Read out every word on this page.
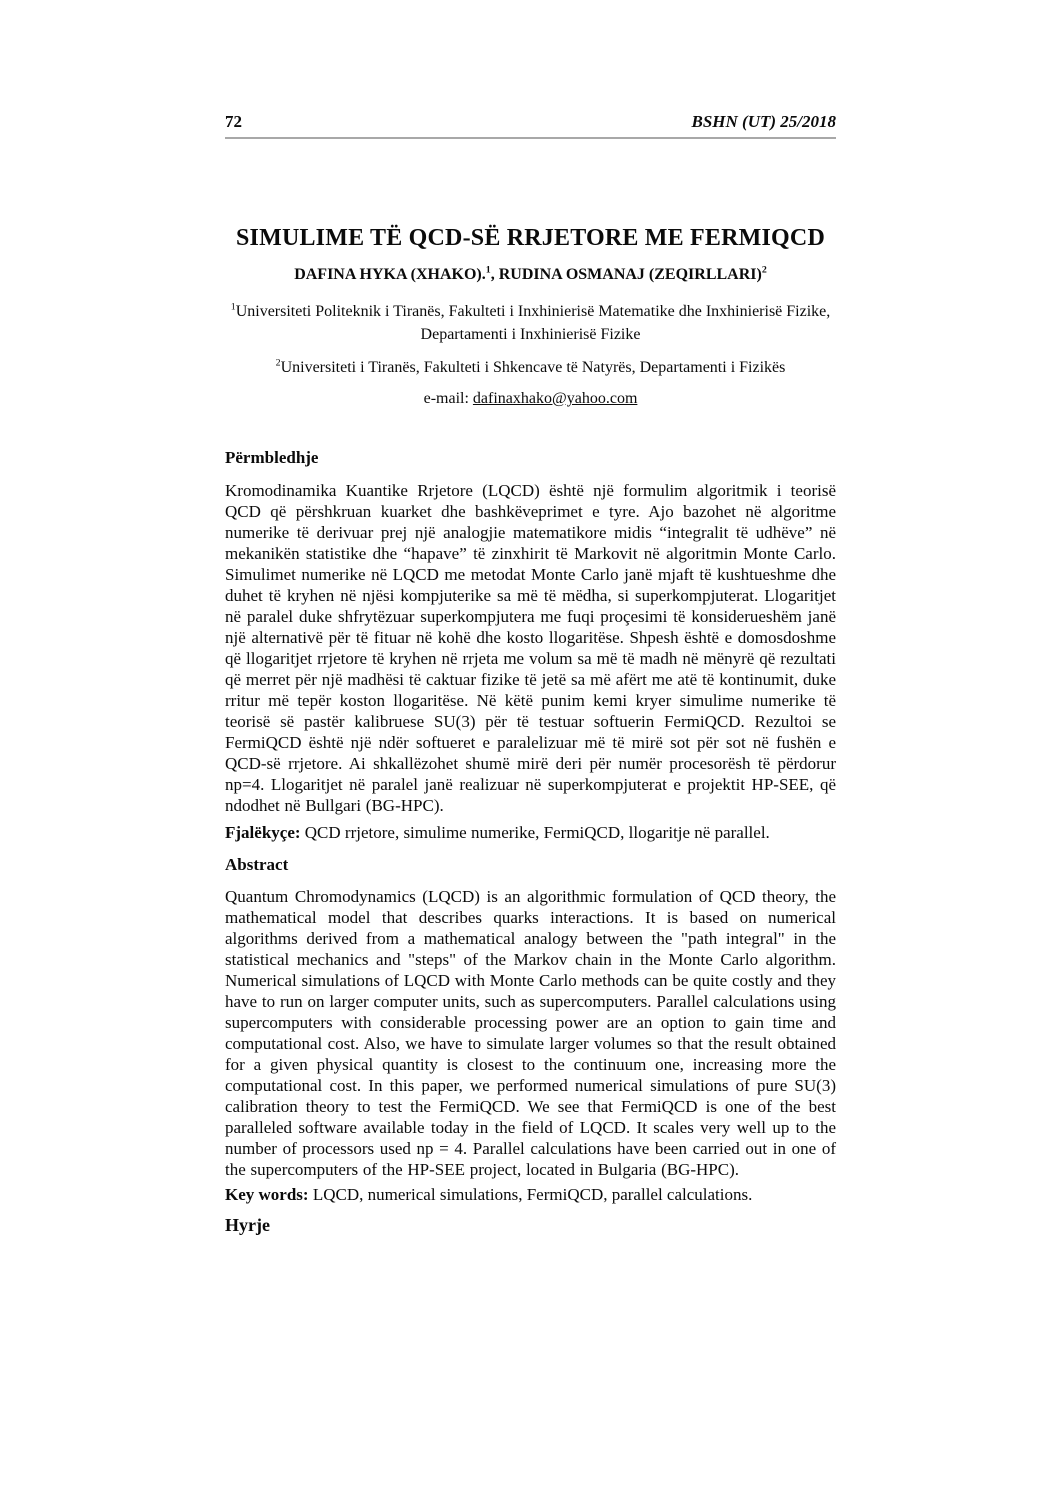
72	BSHN (UT) 25/2018
SIMULIME TË QCD-SË RRJETORE ME FERMIQCD
DAFINA HYKA (XHAKO).$^1$, RUDINA OSMANAJ (ZEQIRLLARI)$^2$
$^1$Universiteti Politeknik i Tiranës, Fakulteti i Inxhinierisë Matematike dhe Inxhinierisë Fizike, Departamenti i Inxhinierisë Fizike
$^2$Universiteti i Tiranës, Fakulteti i Shkencave të Natyrës, Departamenti i Fizikës
e-mail: dafinaxhako@yahoo.com
Përmbledhje

Kromodinamika Kuantike Rrjetore (LQCD) është një formulim algoritmik i teorisë QCD që përshkruan kuarket dhe bashkëveprimet e tyre. Ajo bazohet në algoritme numerike të derivuar prej një analogjie matematikore midis “integralit të udhëve” në mekanikën statistike dhe “hapave” të zinxhirit të Markovit në algoritmin Monte Carlo. Simulimet numerike në LQCD me metodat Monte Carlo janë mjaft të kushtueshme dhe duhet të kryhen në njësi kompjuterike sa më të mëdha, si superkompjuterat. Llogaritjet në paralel duke shfrytëzuar superkompjutera me fuqi proçesimi të konsiderueshëm janë një alternativë për të fituar në kohë dhe kosto llogaritëse. Shpesh është e domosdoshme që llogaritjet rrjetore të kryhen në rrjeta me volum sa më të madh në mënyrë që rezultati që merret për një madhësi të caktuar fizike të jetë sa më afërt me atë të kontinumit, duke rritur më tepër koston llogaritëse. Në këtë punim kemi kryer simulime numerike të teorisë së pastër kalibruese SU(3) për të testuar softuerin FermiQCD. Rezultoi se FermiQCD është një ndër softueret e paralelizuar më të mirë sot për sot në fushën e QCD-së rrjetore. Ai shkallëzohet shumë mirë deri për numër procesorësh të përdorur np=4. Llogaritjet në paralel janë realizuar në superkompjuterat e projektit HP-SEE, që ndodhet në Bullgari (BG-HPC).

Fjalëkyçe: QCD rrjetore, simulime numerike, FermiQCD, llogaritje në parallel.

Abstract

Quantum Chromodynamics (LQCD) is an algorithmic formulation of QCD theory, the mathematical model that describes quarks interactions. It is based on numerical algorithms derived from a mathematical analogy between the "path integral" in the statistical mechanics and "steps" of the Markov chain in the Monte Carlo algorithm. Numerical simulations of LQCD with Monte Carlo methods can be quite costly and they have to run on larger computer units, such as supercomputers. Parallel calculations using supercomputers with considerable processing power are an option to gain time and computational cost. Also, we have to simulate larger volumes so that the result obtained for a given physical quantity is closest to the continuum one, increasing more the computational cost. In this paper, we performed numerical simulations of pure SU(3) calibration theory to test the FermiQCD. We see that FermiQCD is one of the best paralleled software available today in the field of LQCD. It scales very well up to the number of processors used np = 4. Parallel calculations have been carried out in one of the supercomputers of the HP-SEE project, located in Bulgaria (BG-HPC).

Key words: LQCD, numerical simulations, FermiQCD, parallel calculations.

Hyrje
